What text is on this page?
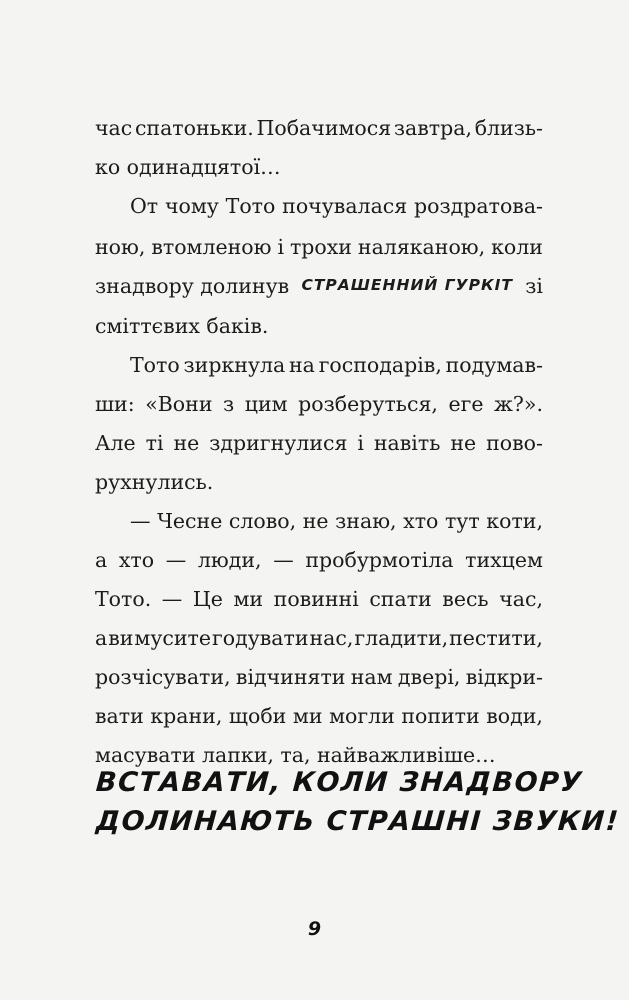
час спатоньки. Побачимося завтра, близь-
ко одинадцятої…
От чому Тото почувалася роздратова-
ною, втомленою і трохи наляканою, коли
знадвору долинув СТРАШЕННИЙ ГУРКІТ зі
сміттєвих баків.
Тото зиркнула на господарів, подумав-
ши: «Вони з цим розберуться, еге ж?».
Але ті не здригнулися і навіть не пово-
рухнулись.
— Чесне слово, не знаю, хто тут коти,
а хто — люди, — пробурмотіла тихцем
Тото. — Це ми повинні спати весь час,
а ви мусите годувати нас, гладити, пестити,
розчісувати, відчиняти нам двері, відкри-
вати крани, щоби ми могли попити води,
масувати лапки, та, найважливіше…
ВСТАВАТИ, КОЛИ ЗНАДВОРУ
ДОЛИНАЮТЬ СТРАШНІ ЗВУКИ!
9
